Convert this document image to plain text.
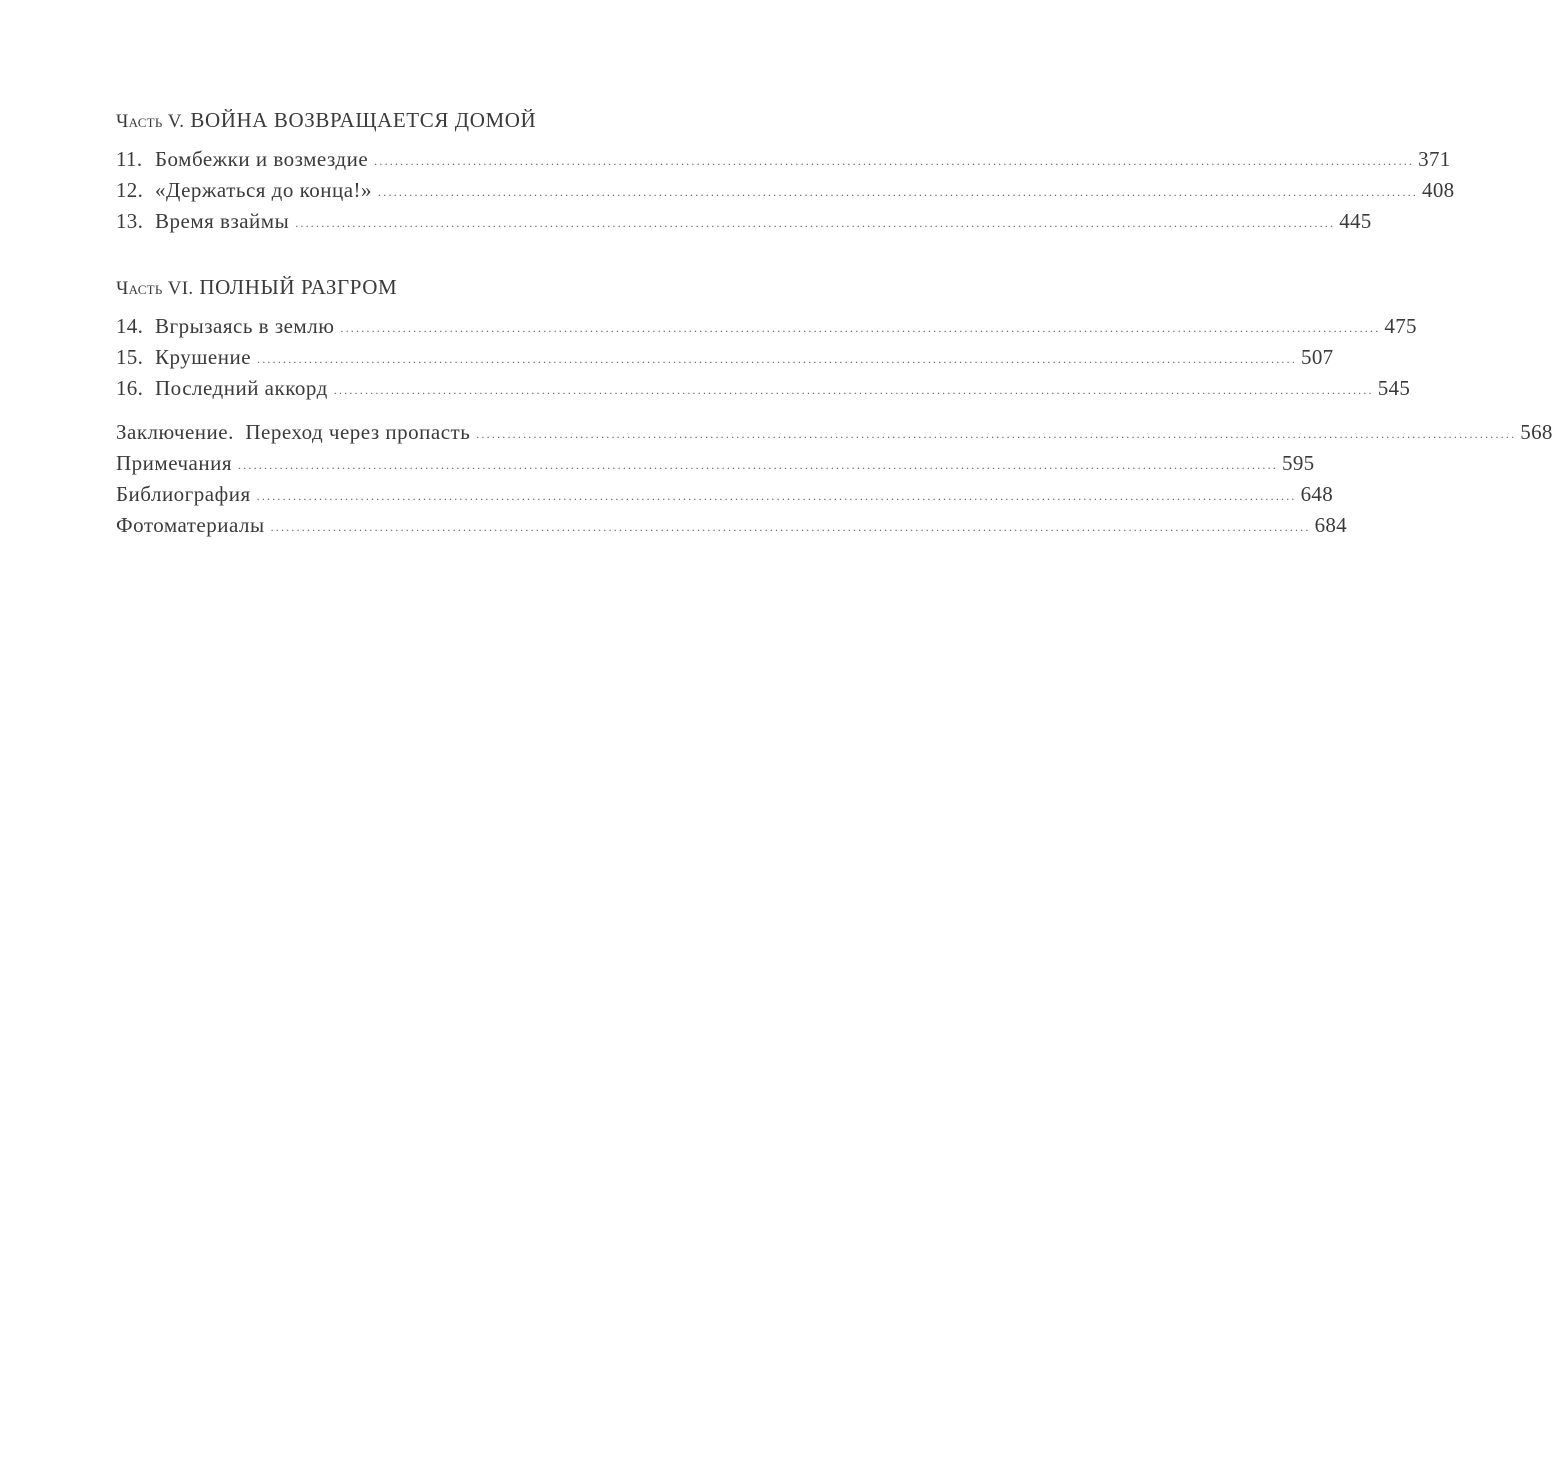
Часть V. ВОЙНА ВОЗВРАЩАЕТСЯ ДОМОЙ
11. Бомбежки и возмездие ........................................................................................................................................................................................................ 371
12. «Держаться до конца!» ........................................................................................................................................................................................................ 408
13. Время взаймы ........................................................................................................................................................................................................ 445
Часть VI. ПОЛНЫЙ РАЗГРОМ
14. Вгрызаясь в землю ........................................................................................................................................................................................................ 475
15. Крушение ........................................................................................................................................................................................................ 507
16. Последний аккорд ........................................................................................................................................................................................................ 545
Заключение.  Переход через пропасть ........................................................................................................................................................................................................ 568
Примечания ........................................................................................................................................................................................................ 595
Библиография ........................................................................................................................................................................................................ 648
Фотоматериалы ........................................................................................................................................................................................................ 684
